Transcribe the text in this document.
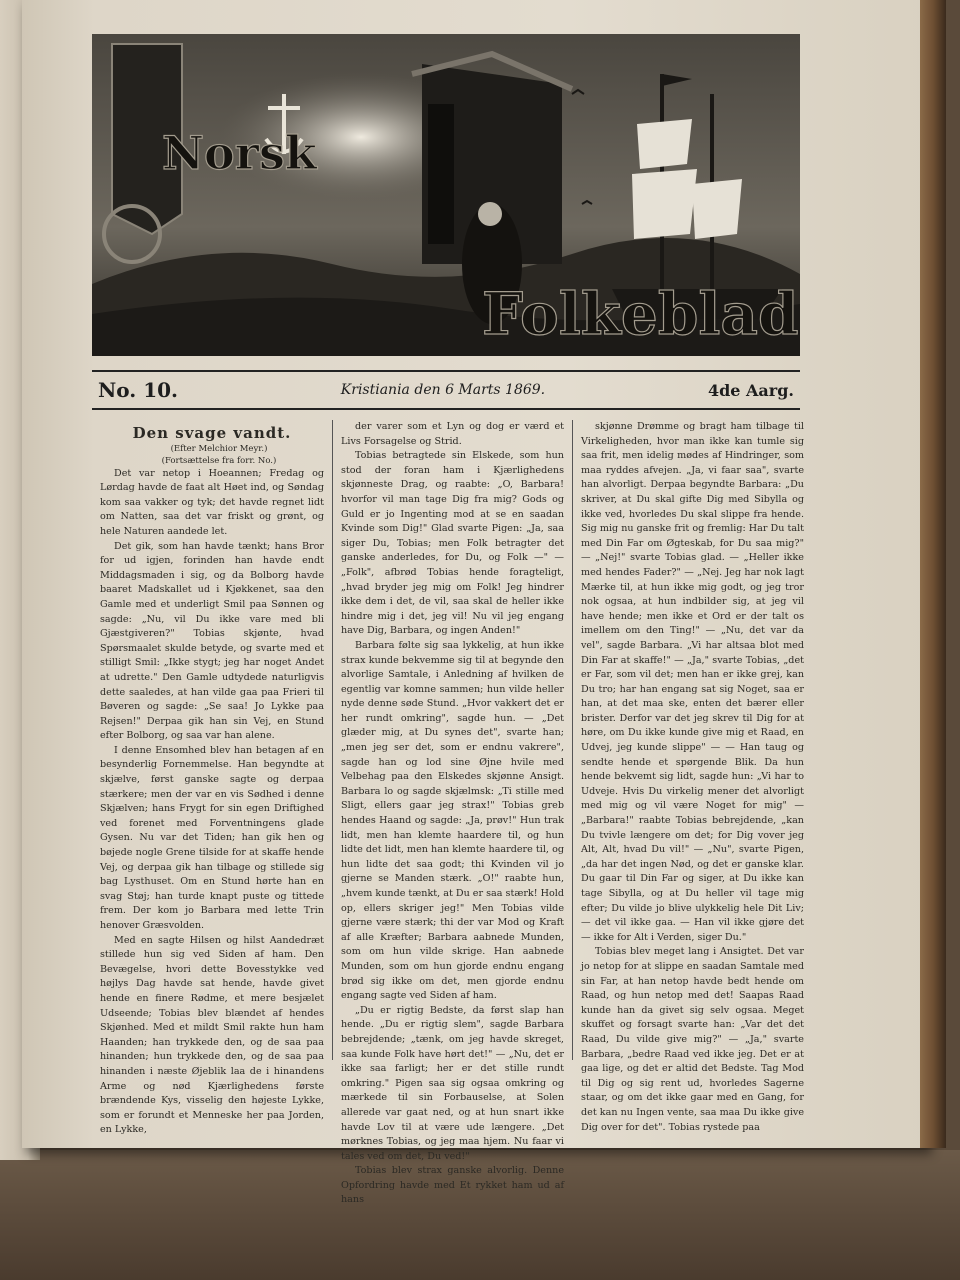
Norsk
Folkeblad
No. 10.	Kristiania den 6 Marts 1869.	4de Aarg.
Den svage vandt.

(Efter Melchior Meyr.)

(Fortsættelse fra forr. No.)

Det var netop i Hoeannen; Fredag og Lørdag havde de faat alt Høet ind, og Søndag kom saa vakker og tyk; det havde regnet lidt om Natten, saa det var friskt og grønt, og hele Naturen aandede let.

Det gik, som han havde tænkt; hans Bror for ud igjen, forinden han havde endt Middagsmaden i sig, og da Bolborg havde baaret Madskallet ud i Kjøkkenet, saa den Gamle med et underligt Smil paa Sønnen og sagde: „Nu, vil Du ikke vare med bli Gjæstgiveren?" Tobias skjønte, hvad Spørsmaalet skulde betyde, og svarte med et stilligt Smil: „Ikke stygt; jeg har noget Andet at udrette." Den Gamle udtydede naturligvis dette saaledes, at han vilde gaa paa Frieri til Bøveren og sagde: „Se saa! Jo Lykke paa Rejsen!" Derpaa gik han sin Vej, en Stund efter Bolborg, og saa var han alene.

I denne Ensomhed blev han betagen af en besynderlig Fornemmelse. Han begyndte at skjælve, først ganske sagte og derpaa stærkere; men der var en vis Sødhed i denne Skjælven; hans Frygt for sin egen Driftighed ved forenet med Forventningens glade Gysen. Nu var det Tiden; han gik hen og bøjede nogle Grene tilside for at skaffe hende Vej, og derpaa gik han tilbage og stillede sig bag Lysthuset. Om en Stund hørte han en svag Støj; han turde knapt puste og tittede frem. Der kom jo Barbara med lette Trin henover Græsvolden.

Med en sagte Hilsen og hilst Aandedræt stillede hun sig ved Siden af ham. Den Bevægelse, hvori dette Bovesstykke ved højlys Dag havde sat hende, havde givet hende en finere Rødme, et mere besjælet Udseende; Tobias blev blændet af hendes Skjønhed. Med et mildt Smil rakte hun ham Haanden; han trykkede den, og de saa paa hinanden; hun trykkede den, og de saa paa hinanden i næste Øjeblik laa de i hinandens Arme og nød Kjærlighedens første brændende Kys, visselig den højeste Lykke, som er forundt et Menneske her paa Jorden, en Lykke,

der varer som et Lyn og dog er værd et Livs Forsagelse og Strid.

Tobias betragtede sin Elskede, som hun stod der foran ham i Kjærlighedens skjønneste Drag, og raabte: „O, Barbara! hvorfor vil man tage Dig fra mig? Gods og Guld er jo Ingenting mod at se en saadan Kvinde som Dig!" Glad svarte Pigen: „Ja, saa siger Du, Tobias; men Folk betragter det ganske anderledes, for Du, og Folk —" — „Folk", afbrød Tobias hende foragteligt, „hvad bryder jeg mig om Folk! Jeg hindrer ikke dem i det, de vil, saa skal de heller ikke hindre mig i det, jeg vil! Nu vil jeg engang have Dig, Barbara, og ingen Anden!"

Barbara følte sig saa lykkelig, at hun ikke strax kunde bekvemme sig til at begynde den alvorlige Samtale, i Anledning af hvilken de egentlig var komne sammen; hun vilde heller nyde denne søde Stund. „Hvor vakkert det er her rundt omkring", sagde hun. — „Det glæder mig, at Du synes det", svarte han; „men jeg ser det, som er endnu vakrere", sagde han og lod sine Øjne hvile med Velbehag paa den Elskedes skjønne Ansigt. Barbara lo og sagde skjælmsk: „Ti stille med Sligt, ellers gaar jeg strax!" Tobias greb hendes Haand og sagde: „Ja, prøv!" Hun trak lidt, men han klemte haardere til, og hun lidte det lidt, men han klemte haardere til, og hun lidte det saa godt; thi Kvinden vil jo gjerne se Manden stærk. „O!" raabte hun, „hvem kunde tænkt, at Du er saa stærk! Hold op, ellers skriger jeg!" Men Tobias vilde gjerne være stærk; thi der var Mod og Kraft af alle Kræfter; Barbara aabnede Munden, som om hun vilde skrige. Han aabnede Munden, som om hun gjorde endnu engang brød sig ikke om det, men gjorde endnu engang sagte ved Siden af ham.

„Du er rigtig Bedste, da først slap han hende. „Du er rigtig slem", sagde Barbara bebrejdende; „tænk, om jeg havde skreget, saa kunde Folk have hørt det!" — „Nu, det er ikke saa farligt; her er det stille rundt omkring." Pigen saa sig ogsaa omkring og mærkede til sin Forbauselse, at Solen allerede var gaat ned, og at hun snart ikke havde Lov til at være ude længere. „Det mørknes Tobias, og jeg maa hjem. Nu faar vi tales ved om det, Du ved!"

Tobias blev strax ganske alvorlig. Denne Opfordring havde med Et rykket ham ud af hans

skjønne Drømme og bragt ham tilbage til Virkeligheden, hvor man ikke kan tumle sig saa frit, men idelig mødes af Hindringer, som maa ryddes afvejen. „Ja, vi faar saa", svarte han alvorligt. Derpaa begyndte Barbara: „Du skriver, at Du skal gifte Dig med Sibylla og ikke ved, hvorledes Du skal slippe fra hende. Sig mig nu ganske frit og fremlig: Har Du talt med Din Far om Øgteskab, for Du saa mig?" — „Nej!" svarte Tobias glad. — „Heller ikke med hendes Fader?" — „Nej. Jeg har nok lagt Mærke til, at hun ikke mig godt, og jeg tror nok ogsaa, at hun indbilder sig, at jeg vil have hende; men ikke et Ord er der talt os imellem om den Ting!" — „Nu, det var da vel", sagde Barbara. „Vi har altsaa blot med Din Far at skaffe!" — „Ja," svarte Tobias, „det er Far, som vil det; men han er ikke grej, kan Du tro; har han engang sat sig Noget, saa er han, at det maa ske, enten det bærer eller brister. Derfor var det jeg skrev til Dig for at høre, om Du ikke kunde give mig et Raad, en Udvej, jeg kunde slippe" — — Han taug og sendte hende et spørgende Blik. Da hun hende bekvemt sig lidt, sagde hun: „Vi har to Udveje. Hvis Du virkelig mener det alvorligt med mig og vil være Noget for mig" — „Barbara!" raabte Tobias bebrejdende, „kan Du tvivle længere om det; for Dig vover jeg Alt, Alt, hvad Du vil!" — „Nu", svarte Pigen, „da har det ingen Nød, og det er ganske klar. Du gaar til Din Far og siger, at Du ikke kan tage Sibylla, og at Du heller vil tage mig efter; Du vilde jo blive ulykkelig hele Dit Liv; — det vil ikke gaa. — Han vil ikke gjøre det — ikke for Alt i Verden, siger Du."

Tobias blev meget lang i Ansigtet. Det var jo netop for at slippe en saadan Samtale med sin Far, at han netop havde bedt hende om Raad, og hun netop med det! Saapas Raad kunde han da givet sig selv ogsaa. Meget skuffet og forsagt svarte han: „Var det det Raad, Du vilde give mig?" — „Ja," svarte Barbara, „bedre Raad ved ikke jeg. Det er at gaa lige, og det er altid det Bedste. Tag Mod til Dig og sig rent ud, hvorledes Sagerne staar, og om det ikke gaar med en Gang, for det kan nu Ingen vente, saa maa Du ikke give Dig over for det". Tobias rystede paa
